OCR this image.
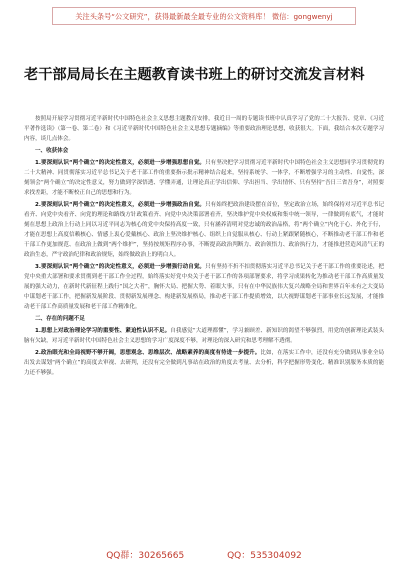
关注头条号“公文研究”，获得最新最全最专业的公文资料库！ 微信：gongwenyj
老干部局局长在主题教育读书班上的研讨交流发言材料

按照局开展学习贯彻习近平新时代中国特色社会主义思想主题教育安排，我近日一周的专题读书班中认真学习了党的二十大报告、党章、《习近平著作选读》（第一卷、第二卷）和《习近平新时代中国特色社会主义思想专题摘编》等重要政治理论思想，收获很大。下面，我结合本次专题学习内容，谈几点体会。

一、收获体会

1.要深刻认识“两个确立”的决定性意义，必须进一步增强思想自觉。只有坚决把学习贯彻习近平新时代中国特色社会主义思想同学习贯彻党的二十大精神、同贯彻落实习近平总书记关于老干部工作的重要指示批示精神结合起来，坚持系统学、一体学，不断增强学习的主动性、自觉性，深刻领会“两个确立”的决定性意义，努力做到学深悟透、学懂弄通，让理论真正学出信仰、学出担当、学出情怀、只有坚持“吾日三省吾身”，对照要求找差距，才能不断校正自己的思想和行为。

2.要深刻认识“两个确立”的决定性意义，必须进一步增强政治自觉。只有始终把政治建设摆在首位，坚定政治立场，始终保持对习近平总书记看齐、向党中央看齐、向党的理论和路线方针政策看齐、向党中央决策部署看齐，坚决维护党中央权威和集中统一领导，一律做到有底气，才能时刻在思想上政治上行动上同以习近平同志为核心的党中央保持高度一致，只有涵养清明对党忠诚的政治品格，将“两个确立”内化于心、外化于行，才能在思想上高度信赖核心、情感上衷心爱戴核心、政治上坚决维护核心、组织上自觉服从核心、行动上紧跟紧随核心，不断推动老干部工作和老干部工作更加规范、在政治上做到“两个维护”，坚持按规矩程序办事，不断提高政治判断力、政治领悟力、政治执行力，才能推进营造风清气正的政治生态，严守政治纪律和政治规矩，始终做政治上的明白人。

3.要深刻认识“两个确立”的决定性意义，必须进一步增强行动自觉。只有坚持不折不扣贯彻落实习近平总书记关于老干部工作的重要论述，把党中央重大部署和要求贯彻到老干部工作全过程，始终落实好党中央关于老干部工作的各项部署要求，将学习成果转化为推动老干部工作高质量发展的强大动力，在新时代新征程上践行“国之大者”，胸怀大局、把握大势、着眼大事，只有在中华民族伟大复兴战略全局和世界百年未有之大变局中谋划老干部工作，把握新发展阶段、贯彻新发展理念、构建新发展格局，推动老干部工作提质增效，以大视野谋划老干部事业长远发展，才能推动老干部工作高质量发展和老干部工作精准化。

二、存在的问题不足

1.思想上对政治理论学习的重要性、紧迫性认识不足。自我感觉“大道理都懂”，学习兼顾差、新知识的渴望不够强烈，用党的创新理论武装头脑有欠缺，对习近平新时代中国特色社会主义思想的学习广度深度不够，对理论的深入研究和思考理解不透彻。

2.政治眼光和全局视野不够开阔，思想观念、思维层次、战略素养的高度有待进一步提升。比如，在落实工作中，还没有充分做到从事业全局出发去谋划“两个确立”的高度去审视、去研判，还没有完全做到凡事站在政治的角度去考量、去分析，科学把握形势变化、精准识别服务本质的能力还不够强。

QQ群：30265665	QQ：535304092
